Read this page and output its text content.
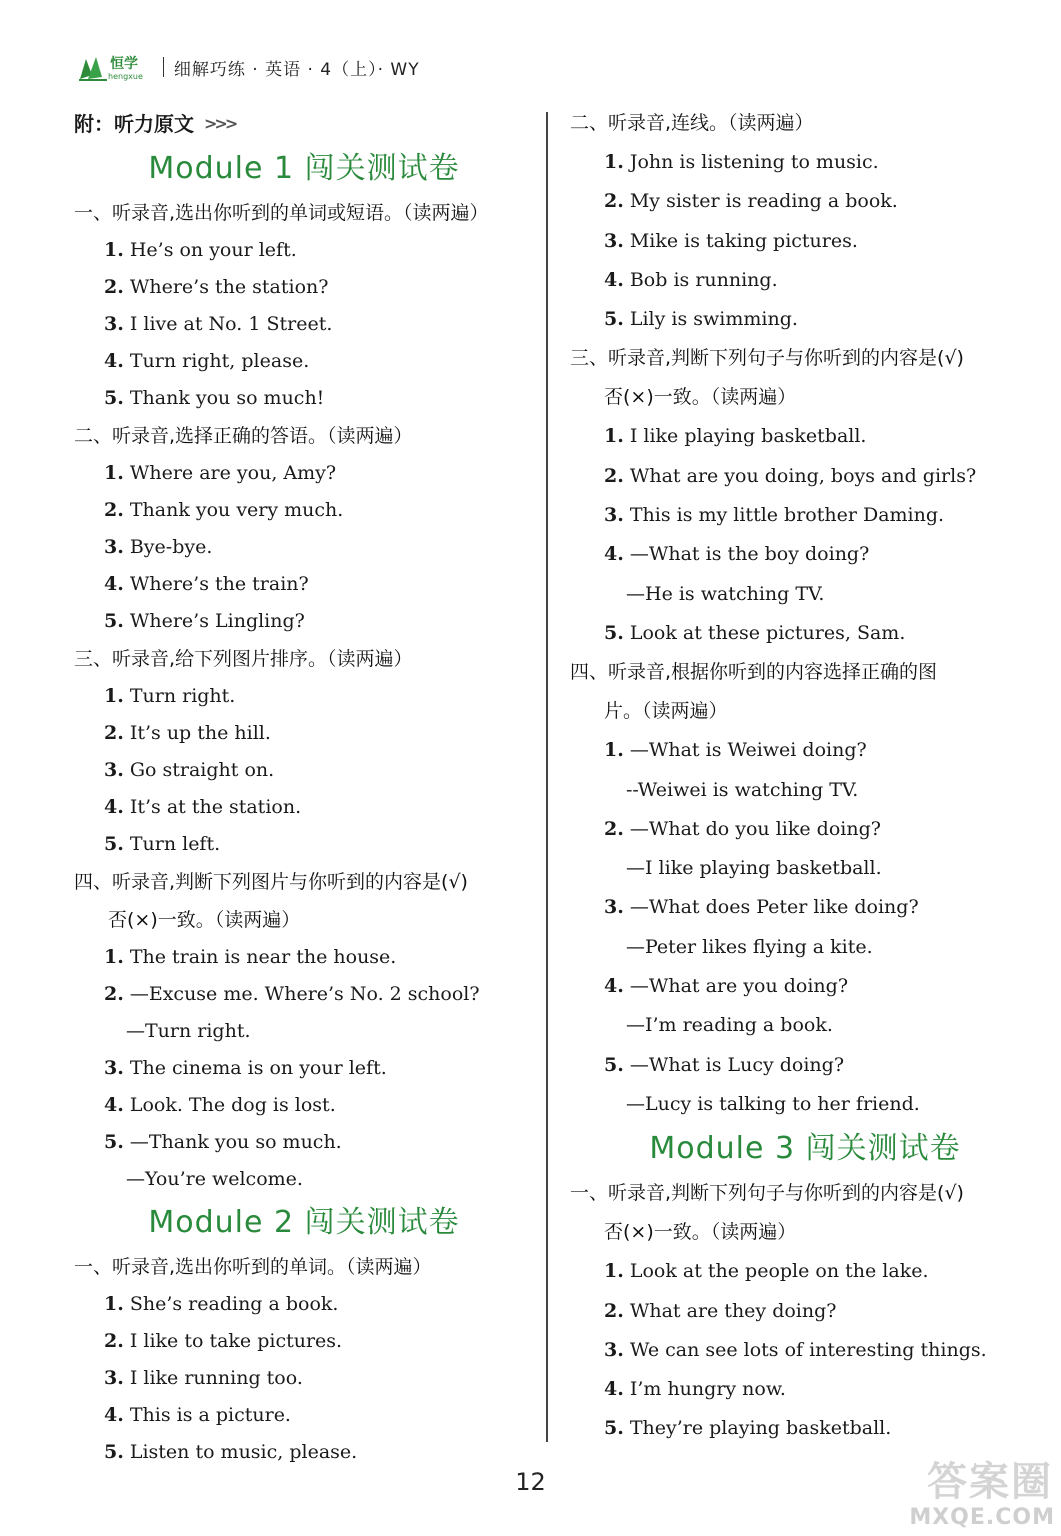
恒学
hengxue 细解巧练 · 英语 · 4（上）· WY
附：听力原文 >>>
Module 1 闯关测试卷
一、听录音,选出你听到的单词或短语。（读两遍）
1. He’s on your left.
2. Where’s the station?
3. I live at No. 1 Street.
4. Turn right, please.
5. Thank you so much!
二、听录音,选择正确的答语。（读两遍）
1. Where are you, Amy?
2. Thank you very much.
3. Bye-bye.
4. Where’s the train?
5. Where’s Lingling?
三、听录音,给下列图片排序。（读两遍）
1. Turn right.
2. It’s up the hill.
3. Go straight on.
4. It’s at the station.
5. Turn left.
四、听录音,判断下列图片与你听到的内容是(√)
否(×)一致。（读两遍）
1. The train is near the house.
2. —Excuse me. Where’s No. 2 school?
—Turn right.
3. The cinema is on your left.
4. Look. The dog is lost.
5. —Thank you so much.
—You’re welcome.
Module 2 闯关测试卷
一、听录音,选出你听到的单词。（读两遍）
1. She’s reading a book.
2. I like to take pictures.
3. I like running too.
4. This is a picture.
5. Listen to music, please.
二、听录音,连线。（读两遍）
1. John is listening to music.
2. My sister is reading a book.
3. Mike is taking pictures.
4. Bob is running.
5. Lily is swimming.
三、听录音,判断下列句子与你听到的内容是(√)
否(×)一致。（读两遍）
1. I like playing basketball.
2. What are you doing, boys and girls?
3. This is my little brother Daming.
4. —What is the boy doing?
—He is watching TV.
5. Look at these pictures, Sam.
四、听录音,根据你听到的内容选择正确的图
片。（读两遍）
1. —What is Weiwei doing?
--Weiwei is watching TV.
2. —What do you like doing?
—I like playing basketball.
3. —What does Peter like doing?
—Peter likes flying a kite.
4. —What are you doing?
—I’m reading a book.
5. —What is Lucy doing?
—Lucy is talking to her friend.
Module 3 闯关测试卷
一、听录音,判断下列句子与你听到的内容是(√)
否(×)一致。（读两遍）
1. Look at the people on the lake.
2. What are they doing?
3. We can see lots of interesting things.
4. I’m hungry now.
5. They’re playing basketball.
12	答案圈
MXQE.COM
